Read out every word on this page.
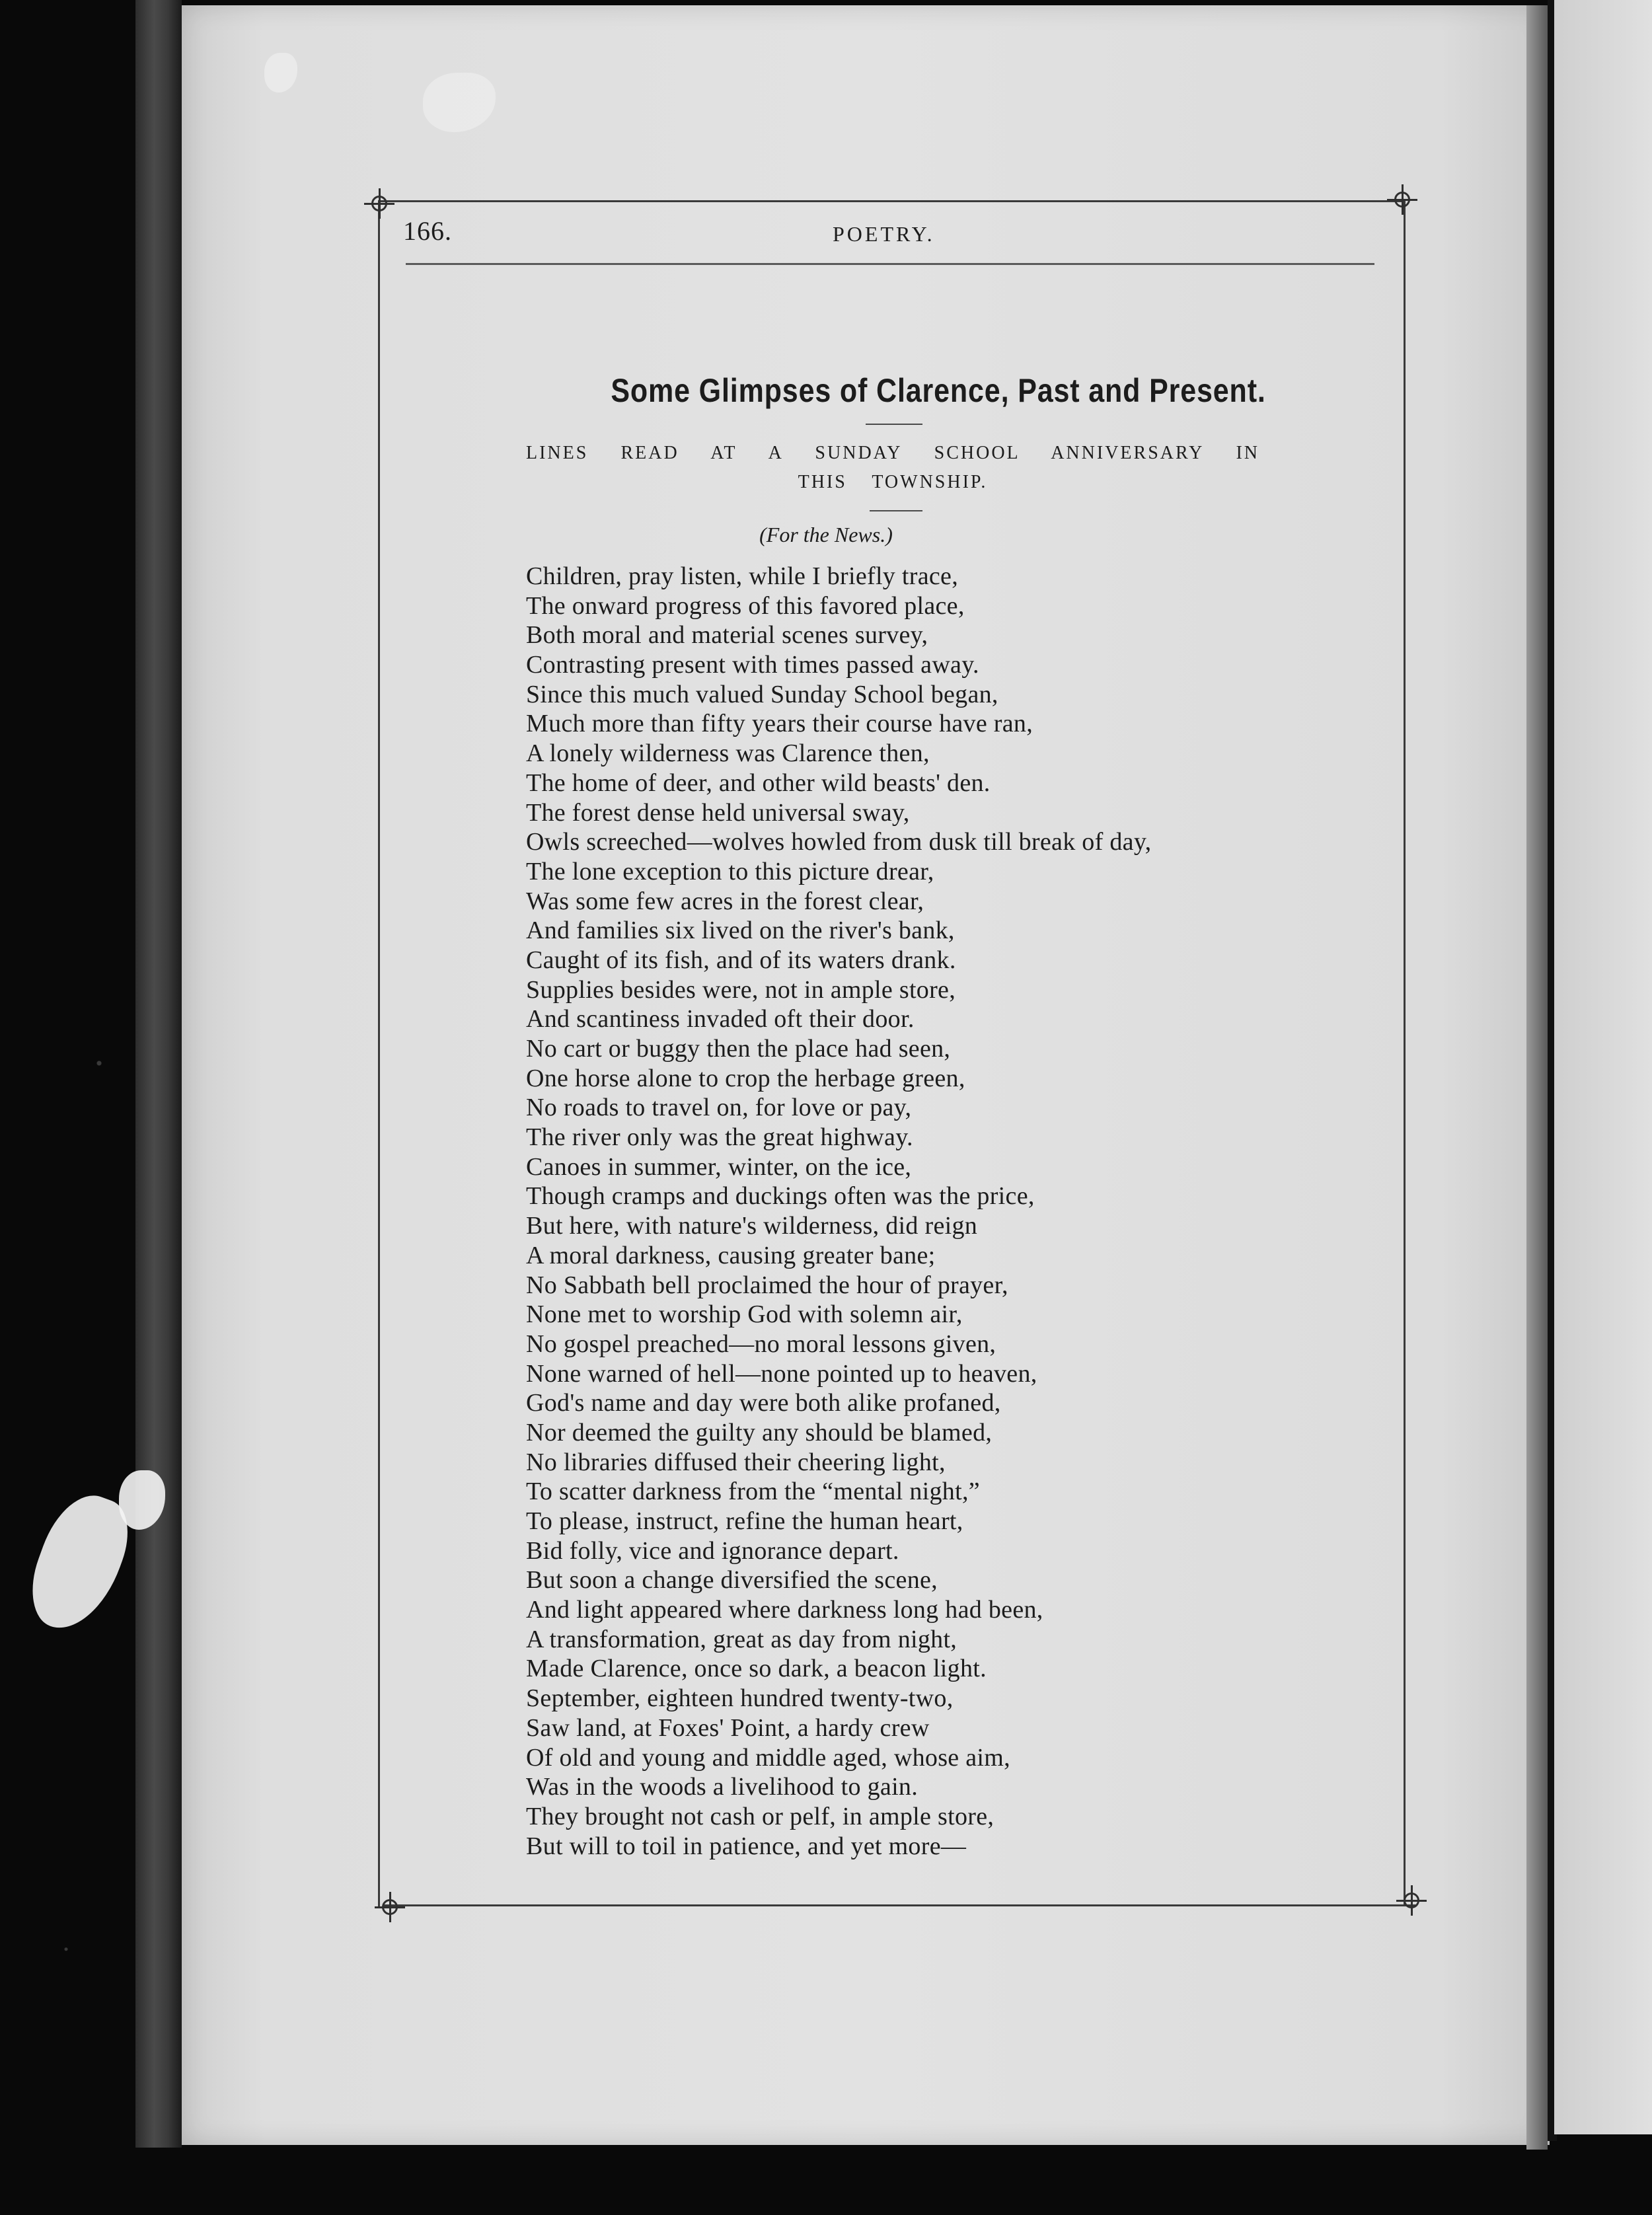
166.	POETRY.
Some Glimpses of Clarence, Past and Present.
LINES READ AT A SUNDAY SCHOOL ANNIVERSARY IN THIS TOWNSHIP.
(For the News.)
Children, pray listen, while I briefly trace,
The onward progress of this favored place,
Both moral and material scenes survey,
Contrasting present with times passed away.
Since this much valued Sunday School began,
Much more than fifty years their course have ran,
A lonely wilderness was Clarence then,
The home of deer, and other wild beasts' den.
The forest dense held universal sway,
Owls screeched—wolves howled from dusk till break of day,
The lone exception to this picture drear,
Was some few acres in the forest clear,
And families six lived on the river's bank,
Caught of its fish, and of its waters drank.
Supplies besides were, not in ample store,
And scantiness invaded oft their door.
No cart or buggy then the place had seen,
One horse alone to crop the herbage green,
No roads to travel on, for love or pay,
The river only was the great highway.
Canoes in summer, winter, on the ice,
Though cramps and duckings often was the price,
But here, with nature's wilderness, did reign
A moral darkness, causing greater bane;
No Sabbath bell proclaimed the hour of prayer,
None met to worship God with solemn air,
No gospel preached—no moral lessons given,
None warned of hell—none pointed up to heaven,
God's name and day were both alike profaned,
Nor deemed the guilty any should be blamed,
No libraries diffused their cheering light,
To scatter darkness from the “mental night,”
To please, instruct, refine the human heart,
Bid folly, vice and ignorance depart.
But soon a change diversified the scene,
And light appeared where darkness long had been,
A transformation, great as day from night,
Made Clarence, once so dark, a beacon light.
September, eighteen hundred twenty-two,
Saw land, at Foxes' Point, a hardy crew
Of old and young and middle aged, whose aim,
Was in the woods a livelihood to gain.
They brought not cash or pelf, in ample store,
But will to toil in patience, and yet more—
